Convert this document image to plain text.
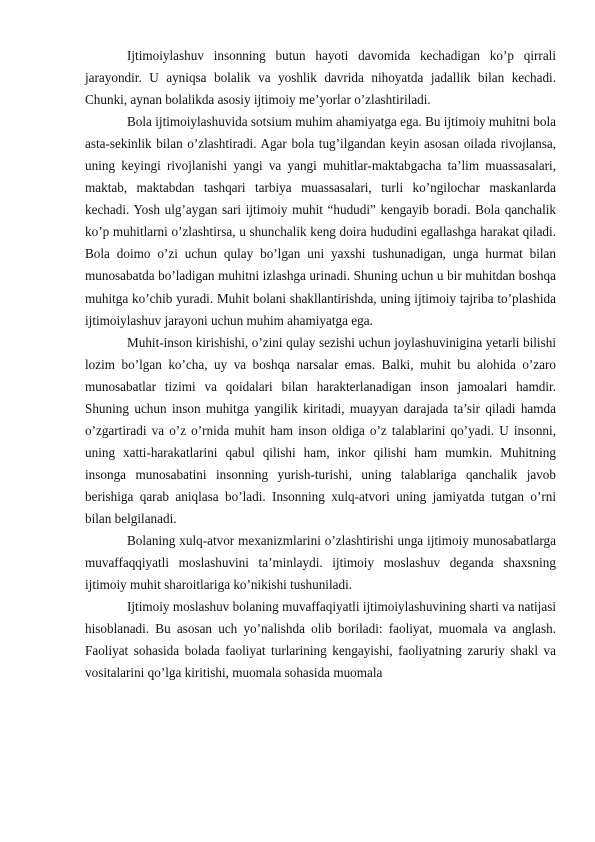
Ijtimoiylashuv insonning butun hayoti davomida kechadigan ko’p qirrali jarayondir. U ayniqsa bolalik va yoshlik davrida nihoyatda jadallik bilan kechadi. Chunki, aynan bolalikda asosiy ijtimoiy me’yorlar o’zlashtiriladi.

Bola ijtimoiylashuvida sotsium muhim ahamiyatga ega. Bu ijtimoiy muhitni bola asta-sekinlik bilan o’zlashtiradi. Agar bola tug’ilgandan keyin asosan oilada rivojlansa, uning keyingi rivojlanishi yangi va yangi muhitlar-maktabgacha ta’lim muassasalari, maktab, maktabdan tashqari tarbiya muassasalari, turli ko’ngilochar maskanlarda kechadi. Yosh ulg’aygan sari ijtimoiy muhit “hududi” kengayib boradi. Bola qanchalik ko’p muhitlarni o’zlashtirsa, u shunchalik keng doira hududini egallashga harakat qiladi. Bola doimo o’zi uchun qulay bo’lgan uni yaxshi tushunadigan, unga hurmat bilan munosabatda bo’ladigan muhitni izlashga urinadi. Shuning uchun u bir muhitdan boshqa muhitga ko’chib yuradi. Muhit bolani shakllantirishda, uning ijtimoiy tajriba to’plashida ijtimoiylashuv jarayoni uchun muhim ahamiyatga ega.

Muhit-inson kirishishi, o’zini qulay sezishi uchun joylashuvinigina yetarli bilishi lozim bo’lgan ko’cha, uy va boshqa narsalar emas. Balki, muhit bu alohida o’zaro munosabatlar tizimi va qoidalari bilan harakterlanadigan inson jamoalari hamdir. Shuning uchun inson muhitga yangilik kiritadi, muayyan darajada ta’sir qiladi hamda o’zgartiradi va o’z o’rnida muhit ham inson oldiga o’z talablarini qo’yadi. U insonni, uning xatti-harakatlarini qabul qilishi ham, inkor qilishi ham mumkin. Muhitning insonga munosabatini insonning yurish-turishi, uning talablariga qanchalik javob berishiga qarab aniqlasa bo’ladi. Insonning xulq-atvori uning jamiyatda tutgan o’rni bilan belgilanadi.

Bolaning xulq-atvor mexanizmlarini o’zlashtirishi unga ijtimoiy munosabatlarga muvaffaqqiyatli moslashuvini ta’minlaydi. ijtimoiy moslashuv deganda shaxsning ijtimoiy muhit sharoitlariga ko’nikishi tushuniladi.

Ijtimoiy moslashuv bolaning muvaffaqiyatli ijtimoiylashuvining sharti va natijasi hisoblanadi. Bu asosan uch yo’nalishda olib boriladi: faoliyat, muomala va anglash. Faoliyat sohasida bolada faoliyat turlarining kengayishi, faoliyatning zaruriy shakl va vositalarini qo’lga kiritishi, muomala sohasida muomala
